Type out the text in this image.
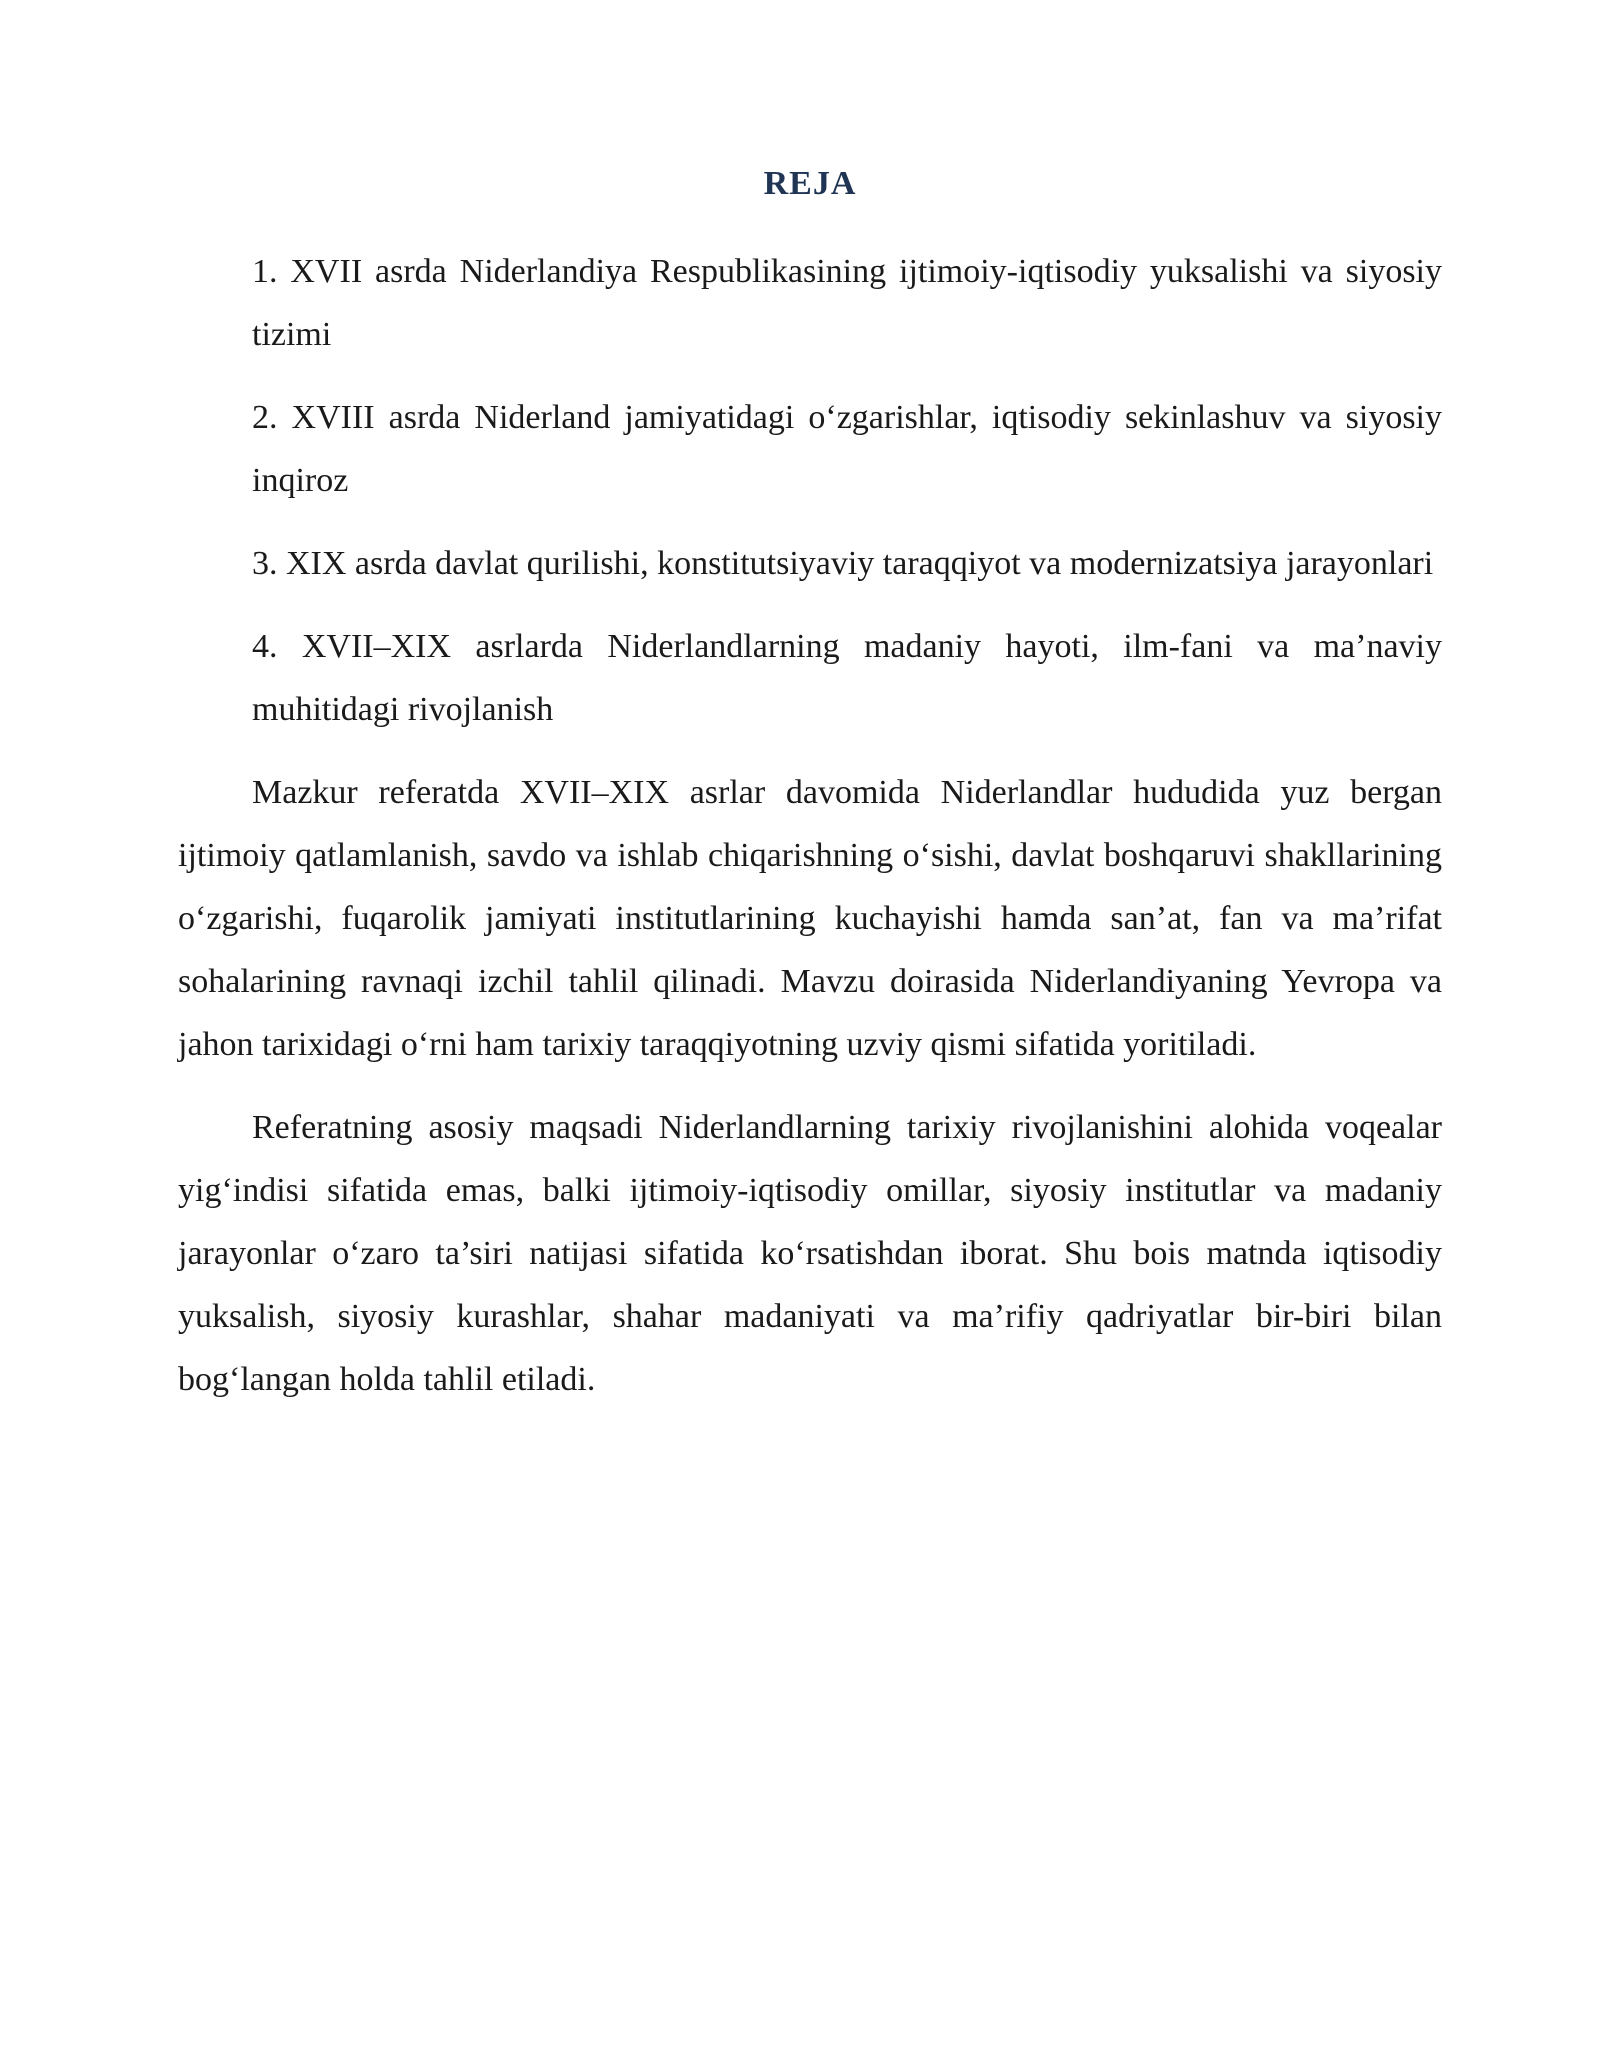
REJA
1. XVII asrda Niderlandiya Respublikasining ijtimoiy-iqtisodiy yuksalishi va siyosiy tizimi
2. XVIII asrda Niderland jamiyatidagi o‘zgarishlar, iqtisodiy sekinlashuv va siyosiy inqiroz
3. XIX asrda davlat qurilishi, konstitutsiyaviy taraqqiyot va modernizatsiya jarayonlari
4. XVII–XIX asrlarda Niderlandlarning madaniy hayoti, ilm-fani va ma’naviy muhitidagi rivojlanish

Mazkur referatda XVII–XIX asrlar davomida Niderlandlar hududida yuz bergan ijtimoiy qatlamlanish, savdo va ishlab chiqarishning o‘sishi, davlat boshqaruvi shakllarining o‘zgarishi, fuqarolik jamiyati institutlarining kuchayishi hamda san’at, fan va ma’rifat sohalarining ravnaqi izchil tahlil qilinadi. Mavzu doirasida Niderlandiyaning Yevropa va jahon tarixidagi o‘rni ham tarixiy taraqqiyotning uzviy qismi sifatida yoritiladi.

Referatning asosiy maqsadi Niderlandlarning tarixiy rivojlanishini alohida voqealar yig‘indisi sifatida emas, balki ijtimoiy-iqtisodiy omillar, siyosiy institutlar va madaniy jarayonlar o‘zaro ta’siri natijasi sifatida ko‘rsatishdan iborat. Shu bois matnda iqtisodiy yuksalish, siyosiy kurashlar, shahar madaniyati va ma’rifiy qadriyatlar bir-biri bilan bog‘langan holda tahlil etiladi.
